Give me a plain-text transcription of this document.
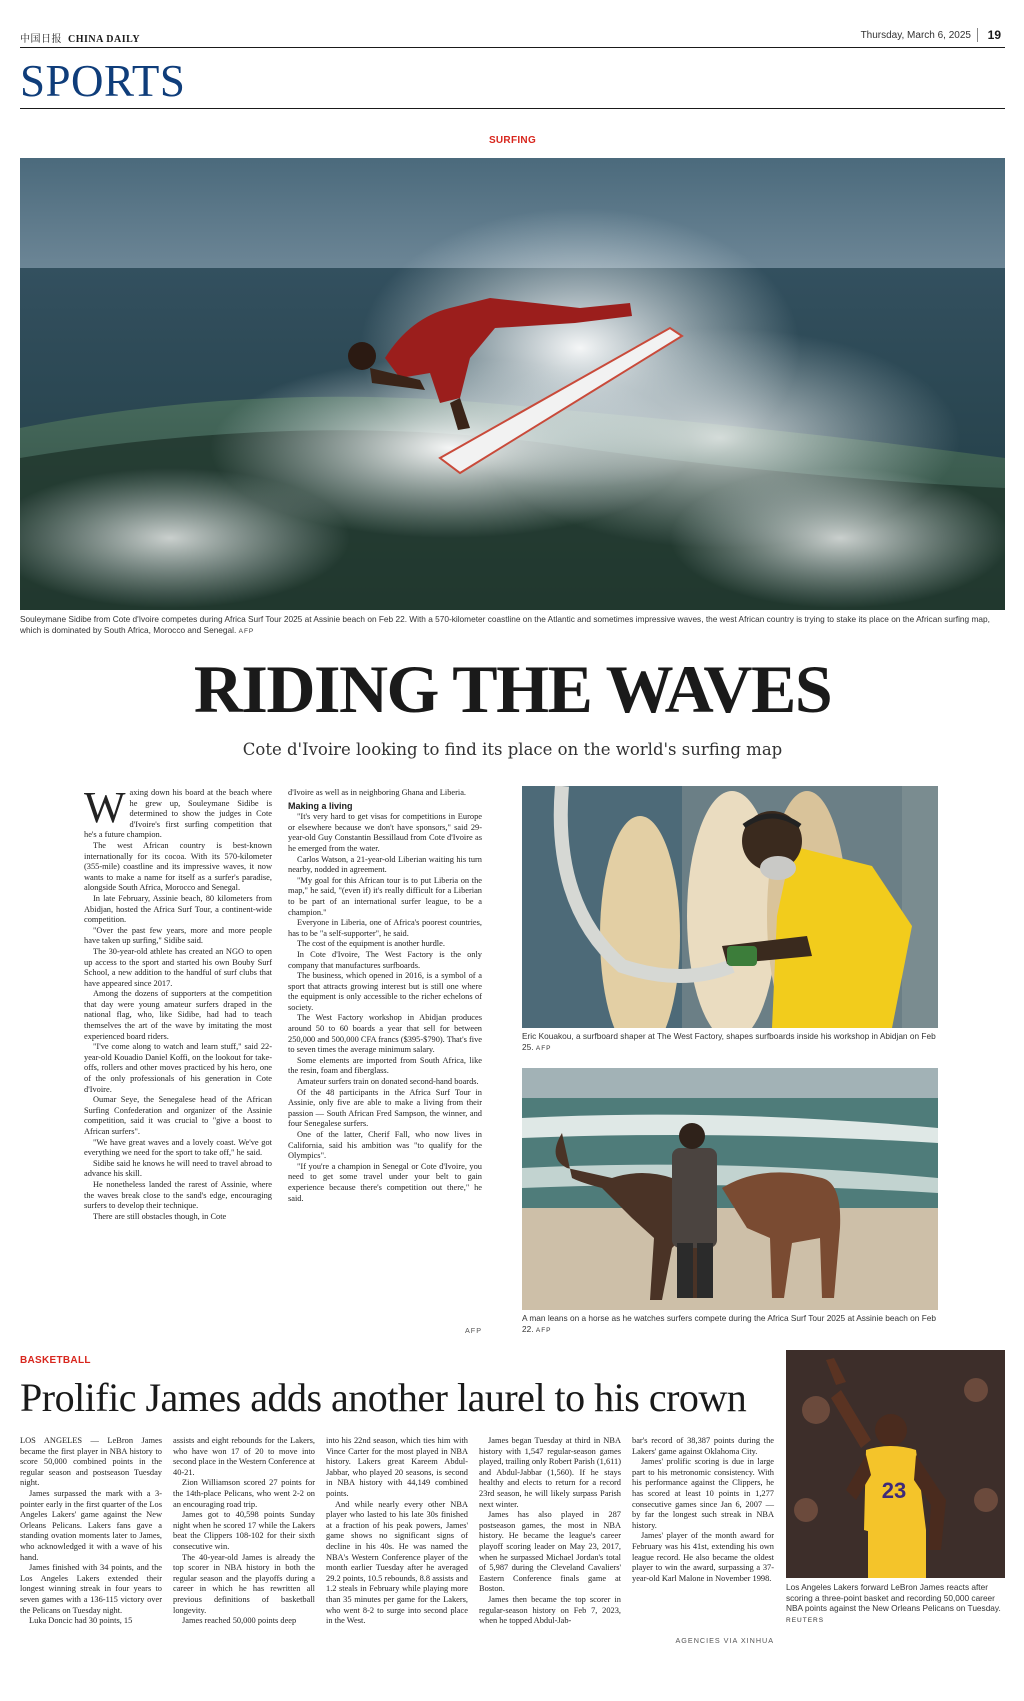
中国日报 CHINA DAILY	Thursday, March 6, 2025 19
SPORTS
SURFING
Souleymane Sidibe from Cote d'Ivoire competes during Africa Surf Tour 2025 at Assinie beach on Feb 22. With a 570-kilometer coastline on the Atlantic and sometimes impressive waves, the west African country is trying to stake its place on the African surfing map, which is dominated by South Africa, Morocco and Senegal. AFP
RIDING THE WAVES
Cote d'Ivoire looking to find its place on the world's surfing map

Waxing down his board at the beach where he grew up, Souleymane Sidibe is determined to show the judges in Cote d'Ivoire's first surfing competition that he's a future champion.

The west African country is best-known internationally for its cocoa. With its 570-kilometer (355-mile) coastline and its impressive waves, it now wants to make a name for itself as a surfer's paradise, alongside South Africa, Morocco and Senegal.

In late February, Assinie beach, 80 kilometers from Abidjan, hosted the Africa Surf Tour, a continent-wide competition.

"Over the past few years, more and more people have taken up surfing," Sidibe said.

The 30-year-old athlete has created an NGO to open up access to the sport and started his own Bouby Surf School, a new addition to the handful of surf clubs that have appeared since 2017.

Among the dozens of supporters at the competition that day were young amateur surfers draped in the national flag, who, like Sidibe, had had to teach themselves the art of the wave by imitating the most experienced board riders.

"I've come along to watch and learn stuff," said 22-year-old Kouadio Daniel Koffi, on the lookout for take-offs, rollers and other moves practiced by his hero, one of the only professionals of his generation in Cote d'Ivoire.

Oumar Seye, the Senegalese head of the African Surfing Confederation and organizer of the Assinie competition, said it was crucial to "give a boost to African surfers".

"We have great waves and a lovely coast. We've got everything we need for the sport to take off," he said.

Sidibe said he knows he will need to travel abroad to advance his skill.

He nonetheless landed the rarest of Assinie, where the waves break close to the sand's edge, encouraging surfers to develop their technique.

There are still obstacles though, in Cote

d'Ivoire as well as in neighboring Ghana and Liberia.

Making a living

"It's very hard to get visas for competitions in Europe or elsewhere because we don't have sponsors," said 29-year-old Guy Constantin Bessillaud from Cote d'Ivoire as he emerged from the water.

Carlos Watson, a 21-year-old Liberian waiting his turn nearby, nodded in agreement.

"My goal for this African tour is to put Liberia on the map," he said, "(even if) it's really difficult for a Liberian to be part of an international surfer league, to be a champion."

Everyone in Liberia, one of Africa's poorest countries, has to be "a self-supporter", he said.

The cost of the equipment is another hurdle.

In Cote d'Ivoire, The West Factory is the only company that manufactures surfboards.

The business, which opened in 2016, is a symbol of a sport that attracts growing interest but is still one where the equipment is only accessible to the richer echelons of society.

The West Factory workshop in Abidjan produces around 50 to 60 boards a year that sell for between 250,000 and 500,000 CFA francs ($395-$790). That's five to seven times the average minimum salary.

Some elements are imported from South Africa, like the resin, foam and fiberglass.

Amateur surfers train on donated second-hand boards.

Of the 48 participants in the Africa Surf Tour in Assinie, only five are able to make a living from their passion — South African Fred Sampson, the winner, and four Senegalese surfers.

One of the latter, Cherif Fall, who now lives in California, said his ambition was "to qualify for the Olympics".

"If you're a champion in Senegal or Cote d'Ivoire, you need to get some travel under your belt to gain experience because there's competition out there," he said.

AFP
Eric Kouakou, a surfboard shaper at The West Factory, shapes surfboards inside his workshop in Abidjan on Feb 25. AFP
A man leans on a horse as he watches surfers compete during the Africa Surf Tour 2025 at Assinie beach on Feb 22. AFP
BASKETBALL
Prolific James adds another laurel to his crown

LOS ANGELES — LeBron James became the first player in NBA history to score 50,000 combined points in the regular season and postseason Tuesday night.

James surpassed the mark with a 3-pointer early in the first quarter of the Los Angeles Lakers' game against the New Orleans Pelicans. Lakers fans gave a standing ovation moments later to James, who acknowledged it with a wave of his hand.

James finished with 34 points, and the Los Angeles Lakers extended their longest winning streak in four years to seven games with a 136-115 victory over the Pelicans on Tuesday night.

Luka Doncic had 30 points, 15

assists and eight rebounds for the Lakers, who have won 17 of 20 to move into second place in the Western Conference at 40-21.

Zion Williamson scored 27 points for the 14th-place Pelicans, who went 2-2 on an encouraging road trip.

James got to 40,598 points Sunday night when he scored 17 while the Lakers beat the Clippers 108-102 for their sixth consecutive win.

The 40-year-old James is already the top scorer in NBA history in both the regular season and the playoffs during a career in which he has rewritten all previous definitions of basketball longevity.

James reached 50,000 points deep

into his 22nd season, which ties him with Vince Carter for the most played in NBA history. Lakers great Kareem Abdul-Jabbar, who played 20 seasons, is second in NBA history with 44,149 combined points.

And while nearly every other NBA player who lasted to his late 30s finished at a fraction of his peak powers, James' game shows no significant signs of decline in his 40s. He was named the NBA's Western Conference player of the month earlier Tuesday after he averaged 29.2 points, 10.5 rebounds, 8.8 assists and 1.2 steals in February while playing more than 35 minutes per game for the Lakers, who went 8-2 to surge into second place in the West.

James began Tuesday at third in NBA history with 1,547 regular-season games played, trailing only Robert Parish (1,611) and Abdul-Jabbar (1,560). If he stays healthy and elects to return for a record 23rd season, he will likely surpass Parish next winter.

James has also played in 287 postseason games, the most in NBA history. He became the league's career playoff scoring leader on May 23, 2017, when he surpassed Michael Jordan's total of 5,987 during the Cleveland Cavaliers' Eastern Conference finals game at Boston.

James then became the top scorer in regular-season history on Feb 7, 2023, when he topped Abdul-Jab-

bar's record of 38,387 points during the Lakers' game against Oklahoma City.

James' prolific scoring is due in large part to his metronomic consistency. With his performance against the Clippers, he has scored at least 10 points in 1,277 consecutive games since Jan 6, 2007 — by far the longest such streak in NBA history.

James' player of the month award for February was his 41st, extending his own league record. He also became the oldest player to win the award, surpassing a 37-year-old Karl Malone in November 1998.

AGENCIES VIA XINHUA
23
Los Angeles Lakers forward LeBron James reacts after scoring a three-point basket and recording 50,000 career NBA points against the New Orleans Pelicans on Tuesday. REUTERS
